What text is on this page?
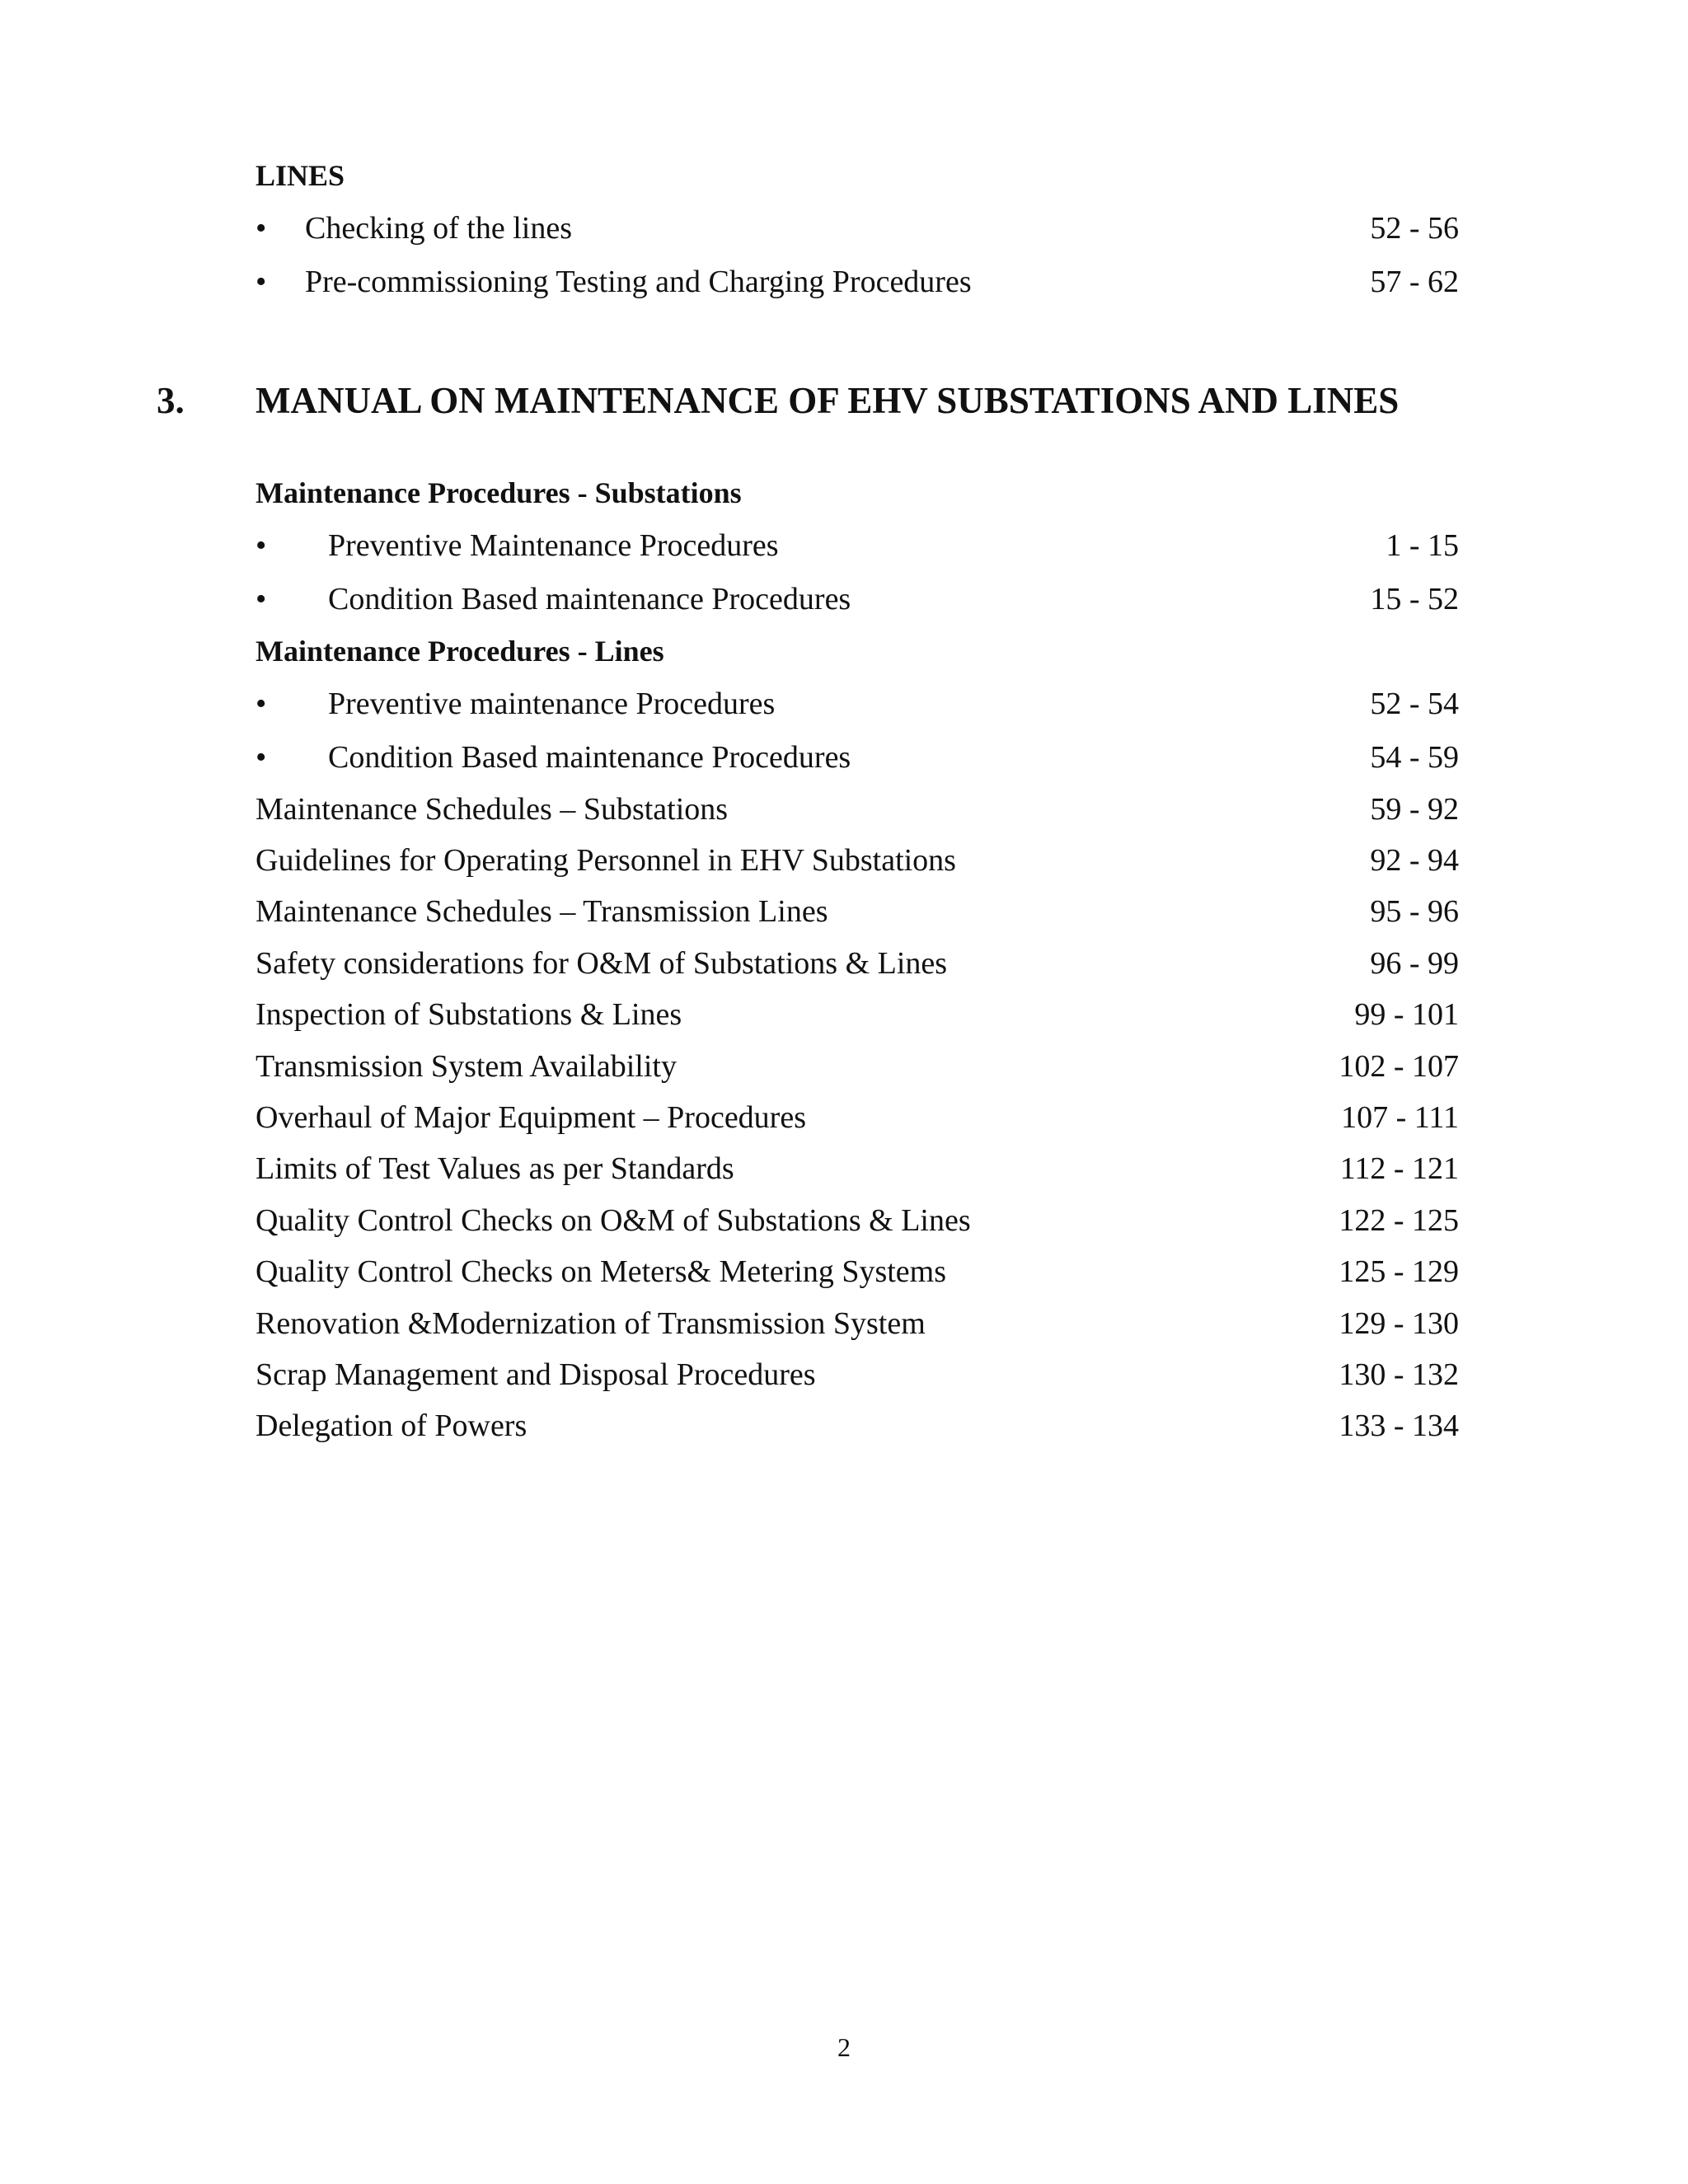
LINES
• Checking of the lines	52 - 56
• Pre-commissioning Testing and Charging Procedures	57 - 62
3. MANUAL ON MAINTENANCE OF EHV SUBSTATIONS AND LINES
Maintenance Procedures - Substations
• Preventive Maintenance Procedures	1 - 15
• Condition Based maintenance Procedures	15 - 52
Maintenance Procedures - Lines
• Preventive maintenance Procedures	52 - 54
• Condition Based maintenance Procedures	54 - 59
Maintenance Schedules – Substations	59 - 92
Guidelines for Operating Personnel in EHV Substations	92 - 94
Maintenance Schedules – Transmission Lines	95 - 96
Safety considerations for O&M of Substations & Lines	96 - 99
Inspection of Substations & Lines	99 - 101
Transmission System Availability	102 - 107
Overhaul of Major Equipment – Procedures	107 - 111
Limits of Test Values as per Standards	112 - 121
Quality Control Checks on O&M of Substations & Lines	122 - 125
Quality Control Checks on Meters& Metering Systems	125 - 129
Renovation &Modernization of Transmission System	129 - 130
Scrap Management and Disposal Procedures	130 - 132
Delegation of Powers	133 - 134
2
